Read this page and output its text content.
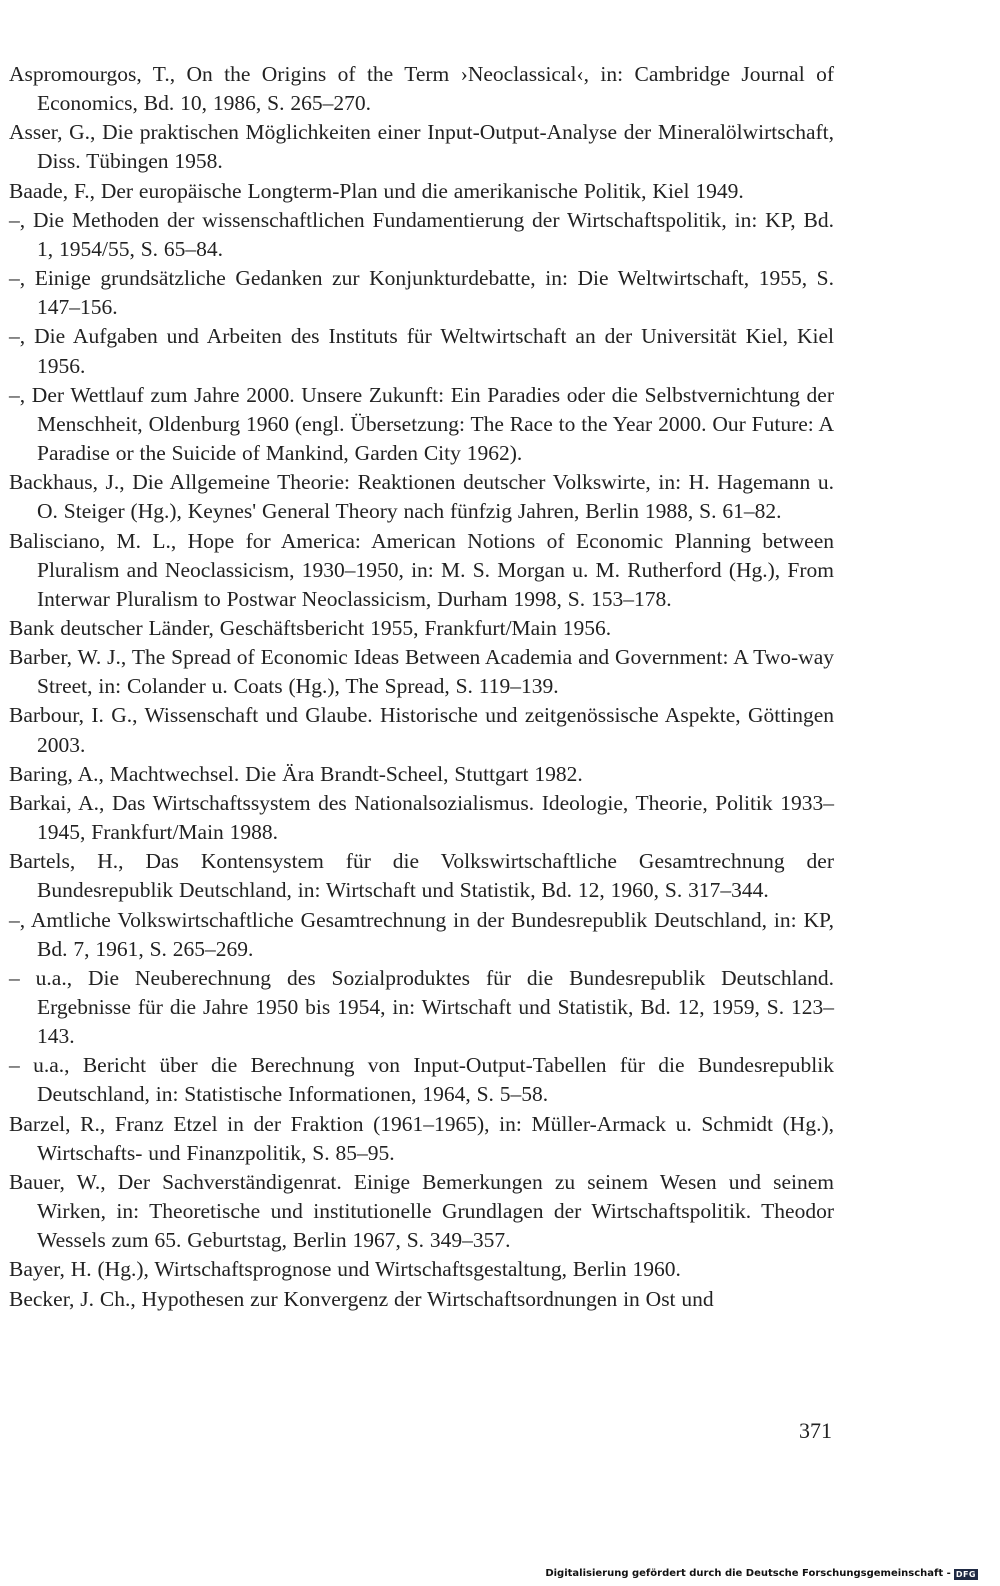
Aspromourgos, T., On the Origins of the Term ›Neoclassical‹, in: Cambridge Journal of Economics, Bd. 10, 1986, S. 265–270.
Asser, G., Die praktischen Möglichkeiten einer Input-Output-Analyse der Mineralölwirtschaft, Diss. Tübingen 1958.
Baade, F., Der europäische Longterm-Plan und die amerikanische Politik, Kiel 1949.
–, Die Methoden der wissenschaftlichen Fundamentierung der Wirtschaftspolitik, in: KP, Bd. 1, 1954/55, S. 65–84.
–, Einige grundsätzliche Gedanken zur Konjunkturdebatte, in: Die Weltwirtschaft, 1955, S. 147–156.
–, Die Aufgaben und Arbeiten des Instituts für Weltwirtschaft an der Universität Kiel, Kiel 1956.
–, Der Wettlauf zum Jahre 2000. Unsere Zukunft: Ein Paradies oder die Selbstvernichtung der Menschheit, Oldenburg 1960 (engl. Übersetzung: The Race to the Year 2000. Our Future: A Paradise or the Suicide of Mankind, Garden City 1962).
Backhaus, J., Die Allgemeine Theorie: Reaktionen deutscher Volkswirte, in: H. Hagemann u. O. Steiger (Hg.), Keynes' General Theory nach fünfzig Jahren, Berlin 1988, S. 61–82.
Balisciano, M. L., Hope for America: American Notions of Economic Planning between Pluralism and Neoclassicism, 1930–1950, in: M. S. Morgan u. M. Rutherford (Hg.), From Interwar Pluralism to Postwar Neoclassicism, Durham 1998, S. 153–178.
Bank deutscher Länder, Geschäftsbericht 1955, Frankfurt/Main 1956.
Barber, W. J., The Spread of Economic Ideas Between Academia and Government: A Two-way Street, in: Colander u. Coats (Hg.), The Spread, S. 119–139.
Barbour, I. G., Wissenschaft und Glaube. Historische und zeitgenössische Aspekte, Göttingen 2003.
Baring, A., Machtwechsel. Die Ära Brandt-Scheel, Stuttgart 1982.
Barkai, A., Das Wirtschaftssystem des Nationalsozialismus. Ideologie, Theorie, Politik 1933–1945, Frankfurt/Main 1988.
Bartels, H., Das Kontensystem für die Volkswirtschaftliche Gesamtrechnung der Bundesrepublik Deutschland, in: Wirtschaft und Statistik, Bd. 12, 1960, S. 317–344.
–, Amtliche Volkswirtschaftliche Gesamtrechnung in der Bundesrepublik Deutschland, in: KP, Bd. 7, 1961, S. 265–269.
– u.a., Die Neuberechnung des Sozialproduktes für die Bundesrepublik Deutschland. Ergebnisse für die Jahre 1950 bis 1954, in: Wirtschaft und Statistik, Bd. 12, 1959, S. 123–143.
– u.a., Bericht über die Berechnung von Input-Output-Tabellen für die Bundesrepublik Deutschland, in: Statistische Informationen, 1964, S. 5–58.
Barzel, R., Franz Etzel in der Fraktion (1961–1965), in: Müller-Armack u. Schmidt (Hg.), Wirtschafts- und Finanzpolitik, S. 85–95.
Bauer, W., Der Sachverständigenrat. Einige Bemerkungen zu seinem Wesen und seinem Wirken, in: Theoretische und institutionelle Grundlagen der Wirtschaftspolitik. Theodor Wessels zum 65. Geburtstag, Berlin 1967, S. 349–357.
Bayer, H. (Hg.), Wirtschaftsprognose und Wirtschaftsgestaltung, Berlin 1960.
Becker, J. Ch., Hypothesen zur Konvergenz der Wirtschaftsordnungen in Ost und
371
Digitalisierung gefördert durch die Deutsche Forschungsgemeinschaft - DFG
